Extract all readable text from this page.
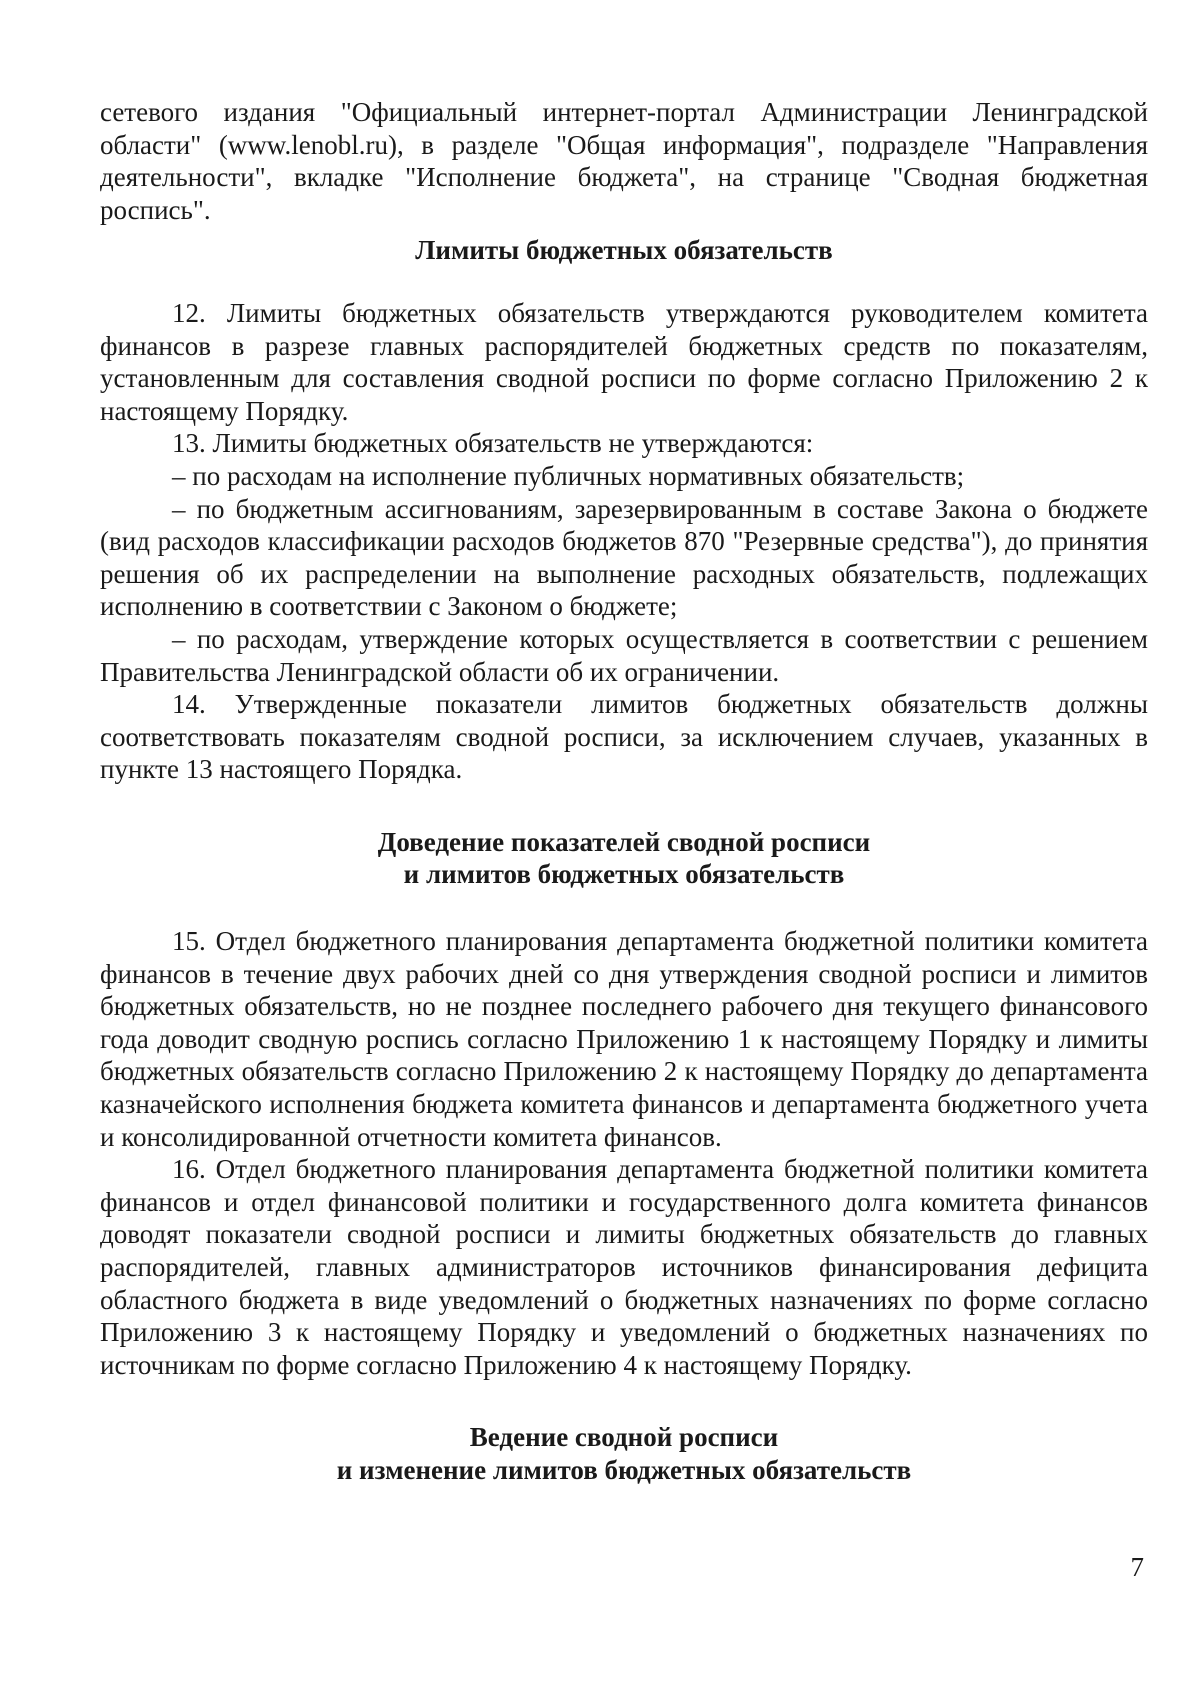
сетевого издания "Официальный интернет-портал Администрации Ленинградской области" (www.lenobl.ru), в разделе "Общая информация", подразделе "Направления деятельности", вкладке "Исполнение бюджета", на странице "Сводная бюджетная роспись".

Лимиты бюджетных обязательств

12. Лимиты бюджетных обязательств утверждаются руководителем комитета финансов в разрезе главных распорядителей бюджетных средств по показателям, установленным для составления сводной росписи по форме согласно Приложению 2 к настоящему Порядку.

13. Лимиты бюджетных обязательств не утверждаются:

– по расходам на исполнение публичных нормативных обязательств;

– по бюджетным ассигнованиям, зарезервированным в составе Закона о бюджете (вид расходов классификации расходов бюджетов 870 "Резервные средства"), до принятия решения об их распределении на выполнение расходных обязательств, подлежащих исполнению в соответствии с Законом о бюджете;

– по расходам, утверждение которых осуществляется в соответствии с решением Правительства Ленинградской области об их ограничении.

14. Утвержденные показатели лимитов бюджетных обязательств должны соответствовать показателям сводной росписи, за исключением случаев, указанных в пункте 13 настоящего Порядка.

Доведение показателей сводной росписи
и лимитов бюджетных обязательств

15. Отдел бюджетного планирования департамента бюджетной политики комитета финансов в течение двух рабочих дней со дня утверждения сводной росписи и лимитов бюджетных обязательств, но не позднее последнего рабочего дня текущего финансового года доводит сводную роспись согласно Приложению 1 к настоящему Порядку и лимиты бюджетных обязательств согласно Приложению 2 к настоящему Порядку до департамента казначейского исполнения бюджета комитета финансов и департамента бюджетного учета и консолидированной отчетности комитета финансов.

16. Отдел бюджетного планирования департамента бюджетной политики комитета финансов и отдел финансовой политики и государственного долга комитета финансов доводят показатели сводной росписи и лимиты бюджетных обязательств до главных распорядителей, главных администраторов источников финансирования дефицита областного бюджета в виде уведомлений о бюджетных назначениях по форме согласно Приложению 3 к настоящему Порядку и уведомлений о бюджетных назначениях по источникам по форме согласно Приложению 4 к настоящему Порядку.

Ведение сводной росписи
и изменение лимитов бюджетных обязательств

7
